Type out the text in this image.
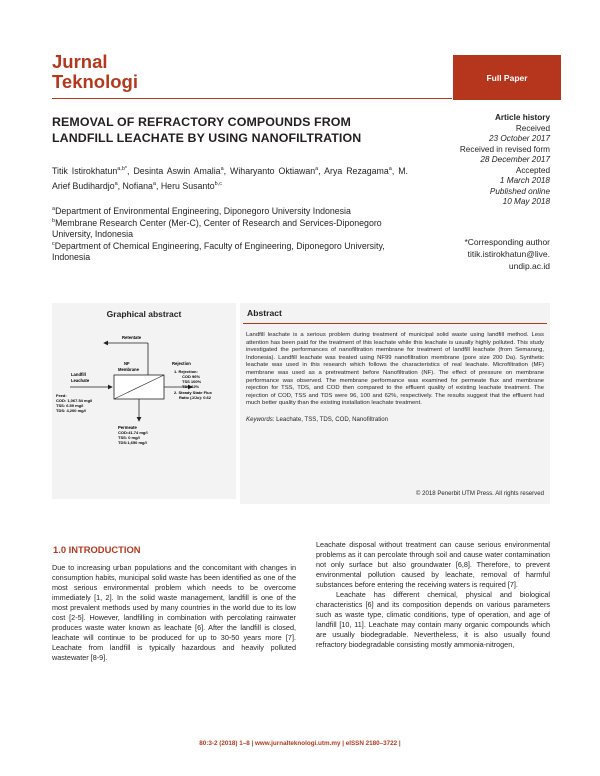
Jurnal
Teknologi	Full Paper
REMOVAL OF REFRACTORY COMPOUNDS FROM LANDFILL LEACHATE BY USING NANOFILTRATION
Titik Istirokhatun$^{a,b*}$, Desinta Aswin Amalia$^a$, Wiharyanto Oktiawan$^a$, Arya Rezagama$^a$, M. Arief Budihardjo$^a$, Nofiana$^a$, Heru Susanto$^{b,c}$

$^a$Department of Environmental Engineering, Diponegoro University Indonesia

$^b$Membrane Research Center (Mer-C), Center of Research and Services-Diponegoro University, Indonesia

$^c$Department of Chemical Engineering, Faculty of Engineering, Diponegoro University, Indonesia

Article history
Received
23 October 2017
Received in revised form
28 December 2017
Accepted
1 March 2018
Published online
10 May 2018
*Corresponding author
titik.istirokhatun@live.
undip.ac.id
Graphical abstract
Retentate
NF
Membrane
Landfill
Leachate
Feed:
COD: 1,067.54 mg/l
TSS: 6.59 mg/l
TDS: 4,200 mg/l
Rejection
1. Rejection:
COD 96%
TSS 100%
TDS 62%
2. Steady State Flux
Ratio (J/Jo): 0.62
Permeate
COD:41.74 mg/l
TSS: 0 mg/l
TDS:1,650 mg/l
Abstract

Landfill leachate is a serious problem during treatment of municipal solid waste using landfill method. Less attention has been paid for the treatment of this leachate while this leachate is usually highly polluted. This study investigated the performances of nanofiltration membrane for treatment of landfill leachate (from Semarang, Indonesia). Landfill leachate was treated using NF99 nanofiltration membrane (pore size 200 Da). Synthetic leachate was used in this research which follows the characteristics of real leachate. Microfiltration (MF) membrane was used as a pretreatment before Nanofiltration (NF). The effect of pressure on membrane performance was observed. The membrane performance was examined for permeate flux and membrane rejection for TSS, TDS, and COD then compared to the effluent quality of existing leachate treatment. The rejection of COD, TSS and TDS were 96, 100 and 62%, respectively. The results suggest that the effluent had much better quality than the existing installation leachate treatment.

Keywords: Leachate, TSS, TDS, COD, Nanofiltration

© 2018 Penerbit UTM Press. All rights reserved
1.0 INTRODUCTION

Due to increasing urban populations and the concomitant with changes in consumption habits, municipal solid waste has been identified as one of the most serious environmental problem which needs to be overcome immediately [1, 2]. In the solid waste management, landfill is one of the most prevalent methods used by many countries in the world due to its low cost [2-5]. However, landfilling in combination with percolating rainwater produces waste water known as leachate [6]. After the landfill is closed, leachate will continue to be produced for up to 30-50 years more [7]. Leachate from landfill is typically hazardous and heavily polluted wastewater [8-9].

Leachate disposal without treatment can cause serious environmental problems as it can percolate through soil and cause water contamination not only surface but also groundwater [6,8]. Therefore, to prevent environmental pollution caused by leachate, removal of harmful substances before entering the receiving waters is required [7].

Leachate has different chemical, physical and biological characteristics [6] and its composition depends on various parameters such as waste type, climatic conditions, type of operation, and age of landfill [10, 11]. Leachate may contain many organic compounds which are usually biodegradable. Nevertheless, it is also usually found refractory biodegradable consisting mostly ammonia-nitrogen,

80:3-2 (2018) 1–8 | www.jurnalteknologi.utm.my | eISSN 2180–3722 |
